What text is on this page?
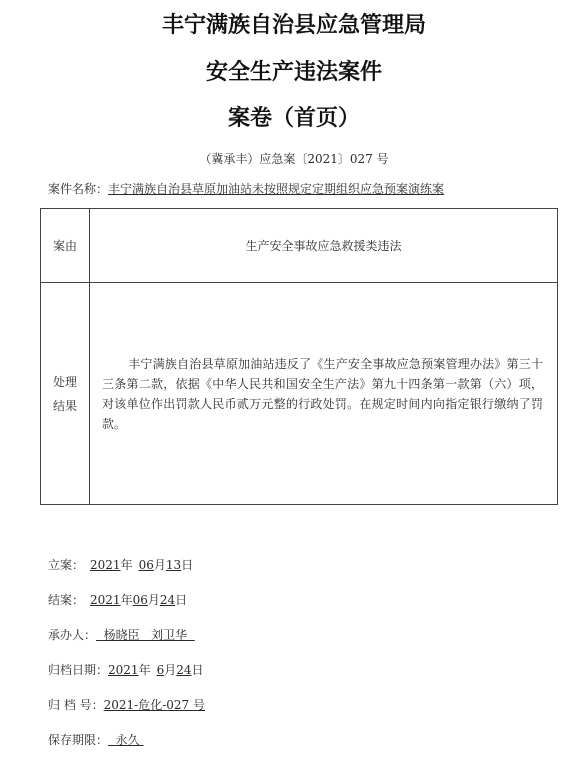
丰宁满族自治县应急管理局
安全生产违法案件
案卷（首页）
（冀承丰）应急案〔2021〕027 号
案件名称：丰宁满族自治县草原加油站未按照规定定期组织应急预案演练案
案由	生产安全事故应急救援类违法

处理
结果	丰宁满族自治县草原加油站违反了《生产安全事故应急预案管理办法》第三十三条第二款，依据《中华人民共和国安全生产法》第九十四条第一款第（六）项，对该单位作出罚款人民币贰万元整的行政处罚。在规定时间内向指定银行缴纳了罚款。
立案： 2021年 06月13日
结案： 2021年06月24日
承办人： 杨晓臣 刘卫华
归档日期：2021年 6月24日
归 档 号：2021-危化-027 号
保存期限： 永久
